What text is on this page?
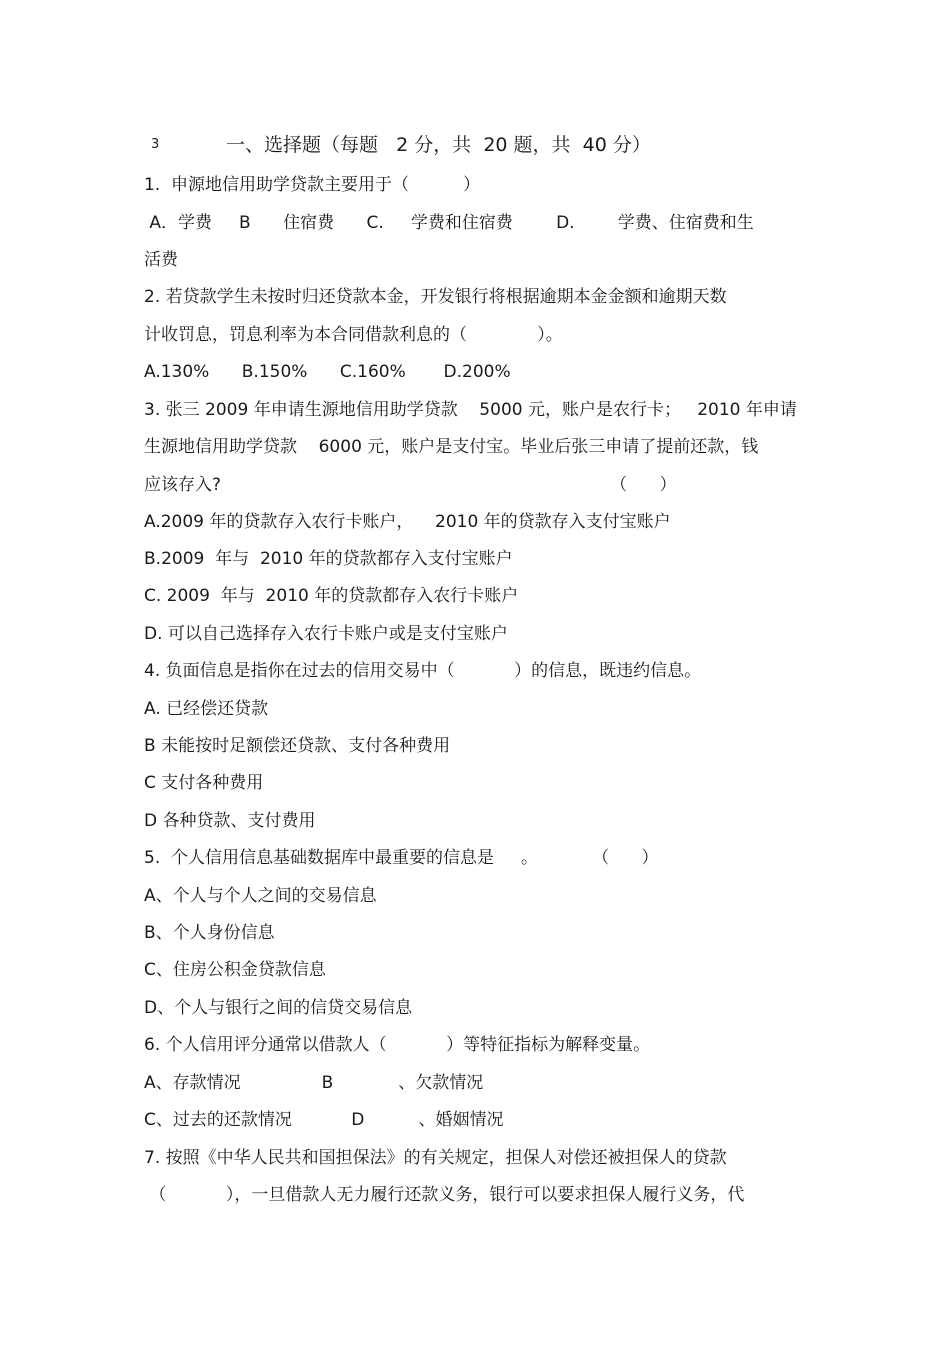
3	一、选择题（每题   2 分，共  20 题，共  40 分）
1.  申源地信用助学贷款主要用于（          ）
A．学费     B      住宿费      C.     学费和住宿费        D.        学费、住宿费和生
活费
2. 若贷款学生未按时归还贷款本金，开发银行将根据逾期本金金额和逾期天数
计收罚息，罚息利率为本合同借款利息的（             ）。
A.130%      B.150%      C.160%       D.200%
3. 张三 2009 年申请生源地信用助学贷款    5000 元，账户是农行卡；   2010 年申请
生源地信用助学贷款    6000 元，账户是支付宝。毕业后张三申请了提前还款，钱
应该存入?                                                                        （      ）
A.2009 年的贷款存入农行卡账户，    2010 年的贷款存入支付宝账户
B.2009  年与  2010 年的贷款都存入支付宝账户
C. 2009  年与  2010 年的贷款都存入农行卡账户
D. 可以自己选择存入农行卡账户或是支付宝账户
4. 负面信息是指你在过去的信用交易中（           ）的信息，既违约信息。
A. 已经偿还贷款
B 未能按时足额偿还贷款、支付各种费用
C 支付各种费用
D 各种贷款、支付费用
5.  个人信用信息基础数据库中最重要的信息是     。          （      ）
A、个人与个人之间的交易信息
B、个人身份信息
C、住房公积金贷款信息
D、个人与银行之间的信贷交易信息
6. 个人信用评分通常以借款人（           ）等特征指标为解释变量。
A、存款情况               B            、欠款情况
C、过去的还款情况           D          、婚姻情况
7. 按照《中华人民共和国担保法》的有关规定，担保人对偿还被担保人的贷款
（           ），一旦借款人无力履行还款义务，银行可以要求担保人履行义务，代
